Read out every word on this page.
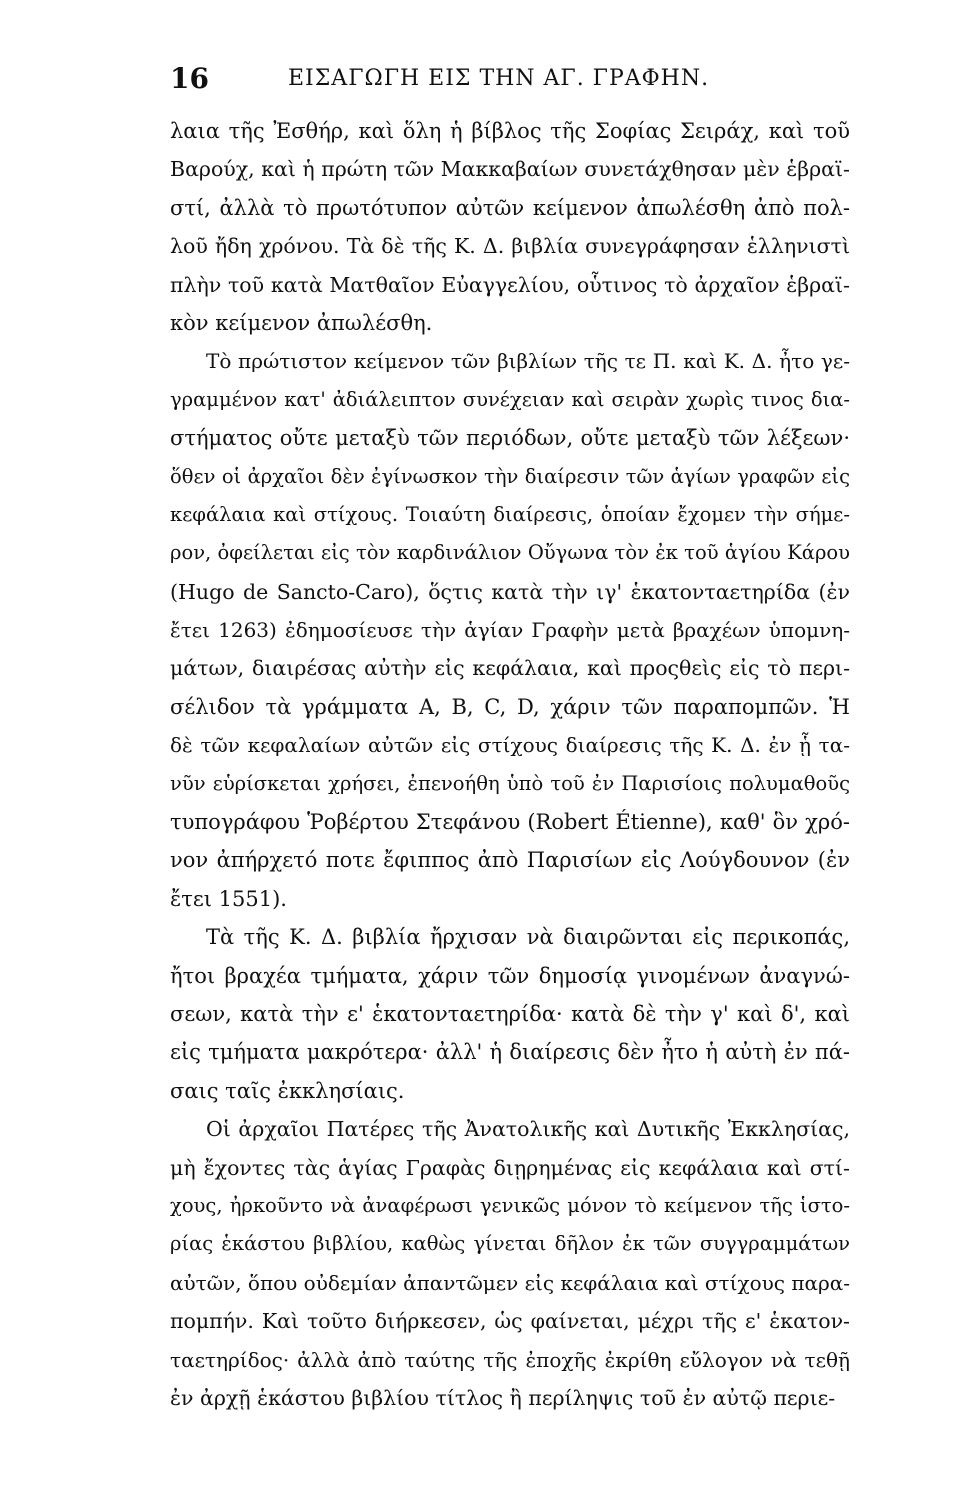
16	ΕΙΣΑΓΩΓΗ ΕΙΣ ΤΗΝ ΑΓ. ΓΡΑΦΗΝ.
λαια τῆς Ἐσθήρ, καὶ ὅλη ἡ βίβλος τῆς Σοφίας Σειράχ, καὶ τοῦ
Βαρούχ, καὶ ἡ πρώτη τῶν Μακκαβαίων συνετάχθησαν μὲν ἑβραϊ-
στί, ἀλλὰ τὸ πρωτότυπον αὐτῶν κείμενον ἀπωλέσθη ἀπὸ πολ-
λοῦ ἤδη χρόνου. Τὰ δὲ τῆς Κ. Δ. βιβλία συνεγράφησαν ἑλληνιστὶ
πλὴν τοῦ κατὰ Ματθαῖον Εὐαγγελίου, οὗτινος τὸ ἀρχαῖον ἑβραϊ-
κὸν κείμενον ἀπωλέσθη.
Τὸ πρώτιστον κείμενον τῶν βιβλίων τῆς τε Π. καὶ Κ. Δ. ἦτο γε-
γραμμένον κατ' ἀδιάλειπτον συνέχειαν καὶ σειρὰν χωρὶς τινος δια-
στήματος οὔτε μεταξὺ τῶν περιόδων, οὔτε μεταξὺ τῶν λέξεων·
ὅθεν οἱ ἀρχαῖοι δὲν ἐγίνωσκον τὴν διαίρεσιν τῶν ἁγίων γραφῶν εἰς
κεφάλαια καὶ στίχους. Τοιαύτη διαίρεσις, ὁποίαν ἔχομεν τὴν σήμε-
ρον, ὀφείλεται εἰς τὸν καρδινάλιον Οὔγωνα τὸν ἐκ τοῦ ἁγίου Κάρου
(Hugo de Sancto-Caro), ὅςτις κατὰ τὴν ιγ' ἑκατονταετηρίδα (ἐν
ἔτει 1263) ἐδημοσίευσε τὴν ἁγίαν Γραφὴν μετὰ βραχέων ὑπομνη-
μάτων, διαιρέσας αὐτὴν εἰς κεφάλαια, καὶ προςθεὶς εἰς τὸ περι-
σέλιδον τὰ γράμματα A, B, C, D, χάριν τῶν παραπομπῶν. Ἡ
δὲ τῶν κεφαλαίων αὐτῶν εἰς στίχους διαίρεσις τῆς Κ. Δ. ἐν ᾗ τα-
νῦν εὑρίσκεται χρήσει, ἐπενοήθη ὑπὸ τοῦ ἐν Παρισίοις πολυμαθοῦς
τυπογράφου Ῥοβέρτου Στεφάνου (Robert Étienne), καθ' ὃν χρό-
νον ἀπήρχετό ποτε ἔφιππος ἀπὸ Παρισίων εἰς Λούγδουνον (ἐν
ἔτει 1551).
Τὰ τῆς Κ. Δ. βιβλία ἤρχισαν νὰ διαιρῶνται εἰς περικοπάς,
ἤτοι βραχέα τμήματα, χάριν τῶν δημοσίᾳ γινομένων ἀναγνώ-
σεων, κατὰ τὴν ε' ἑκατονταετηρίδα· κατὰ δὲ τὴν γ' καὶ δ', καὶ
εἰς τμήματα μακρότερα· ἀλλ' ἡ διαίρεσις δὲν ἦτο ἡ αὐτὴ ἐν πά-
σαις ταῖς ἐκκλησίαις.
Οἱ ἀρχαῖοι Πατέρες τῆς Ἀνατολικῆς καὶ Δυτικῆς Ἐκκλησίας,
μὴ ἔχοντες τὰς ἁγίας Γραφὰς διῃρημένας εἰς κεφάλαια καὶ στί-
χους, ἠρκοῦντο νὰ ἀναφέρωσι γενικῶς μόνον τὸ κείμενον τῆς ἱστο-
ρίας ἑκάστου βιβλίου, καθὼς γίνεται δῆλον ἐκ τῶν συγγραμμάτων
αὐτῶν, ὅπου οὐδεμίαν ἀπαντῶμεν εἰς κεφάλαια καὶ στίχους παρα-
πομπήν. Καὶ τοῦτο διήρκεσεν, ὡς φαίνεται, μέχρι τῆς ε' ἑκατον-
ταετηρίδος· ἀλλὰ ἀπὸ ταύτης τῆς ἐποχῆς ἐκρίθη εὔλογον νὰ τεθῇ
ἐν ἀρχῇ ἑκάστου βιβλίου τίτλος ἢ περίληψις τοῦ ἐν αὐτῷ περιε-
